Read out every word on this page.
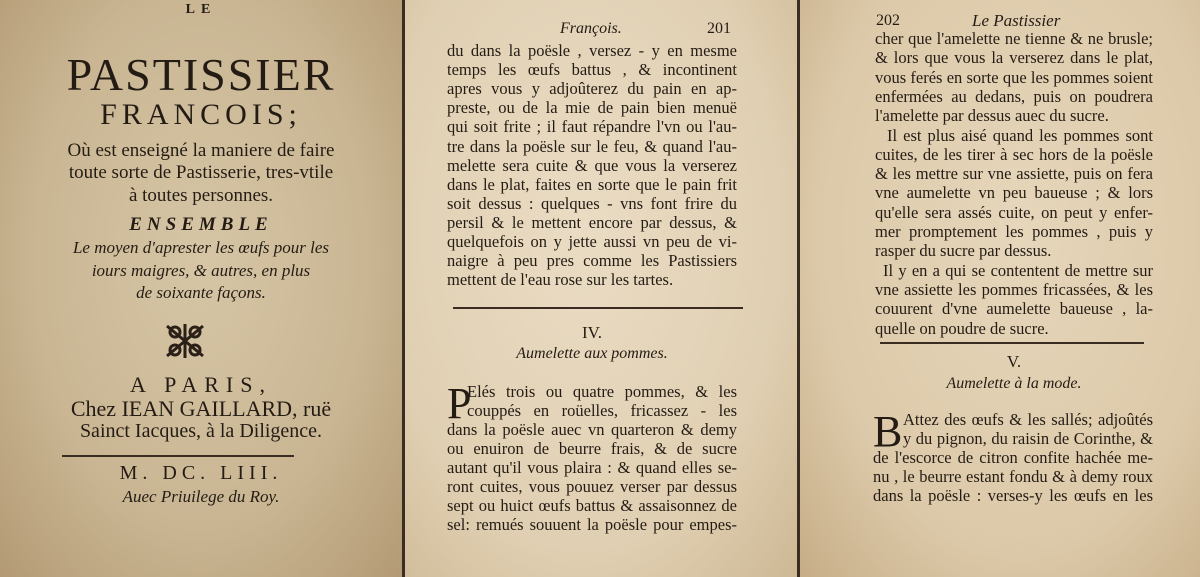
LE
PASTISSIER
FRANCOIS;
Où est enseigné la maniere de faire
toute sorte de Pastisserie, tres-vtile
à toutes personnes.
ENSEMBLE
Le moyen d'aprester les œufs pour les
iours maigres, & autres, en plus
de soixante façons.
A PARIS,
Chez IEAN GAILLARD, ruë
Sainct Iacques, à la Diligence.
M. DC. LIII.
Auec Priuilege du Roy.
François.	201
du dans la poësle , versez - y en mesme
temps les œufs battus , & incontinent
apres vous y adjoûterez du pain en ap-
preste, ou de la mie de pain bien menuë
qui soit frite ; il faut répandre l'vn ou l'au-
tre dans la poësle sur le feu, & quand l'au-
melette sera cuite & que vous la verserez
dans le plat, faites en sorte que le pain frit
soit dessus : quelques - vns font frire du
persil & le mettent encore par dessus, &
quelquefois on y jette aussi vn peu de vi-
naigre à peu pres comme les Pastissiers
mettent de l'eau rose sur les tartes.
IV.
Aumelette aux pommes.
P
Elés trois ou quatre pommes, & les
couppés en roüelles, fricassez - les
dans la poësle auec vn quarteron & demy
ou enuiron de beurre frais, & de sucre
autant qu'il vous plaira : & quand elles se-
ront cuites, vous pouuez verser par dessus
sept ou huict œufs battus & assaisonnez de
sel: remués souuent la poësle pour empes-
202	Le Pastissier
cher que l'amelette ne tienne & ne brusle;
& lors que vous la verserez dans le plat,
vous ferés en sorte que les pommes soient
enfermées au dedans, puis on poudrera
l'amelette par dessus auec du sucre.
Il est plus aisé quand les pommes sont
cuites, de les tirer à sec hors de la poësle
& les mettre sur vne assiette, puis on fera
vne aumelette vn peu baueuse ; & lors
qu'elle sera assés cuite, on peut y enfer-
mer promptement les pommes , puis y
rasper du sucre par dessus.
Il y en a qui se contentent de mettre sur
vne assiette les pommes fricassées, & les
couurent d'vne aumelette baueuse , la-
quelle on poudre de sucre.
V.
Aumelette à la mode.
B Attez des œufs & les sallés; adjoûtés
y du pignon, du raisin de Corinthe, &
de l'escorce de citron confite hachée me-
nu , le beurre estant fondu & à demy roux
dans la poësle : verses-y les œufs en les
